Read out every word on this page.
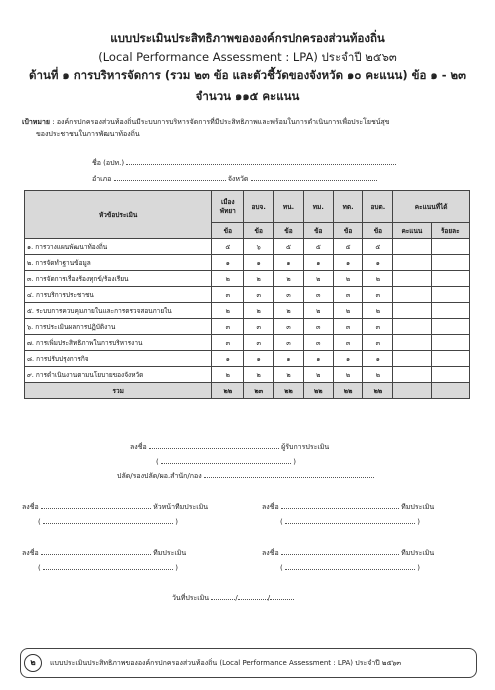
แบบประเมินประสิทธิภาพขององค์กรปกครองส่วนท้องถิ่น
(Local Performance Assessment : LPA) ประจำปี ๒๕๖๓
ด้านที่ ๑ การบริหารจัดการ (รวม ๒๓ ข้อ และตัวชี้วัดของจังหวัด ๑๐ คะแนน) ข้อ ๑ - ๒๓
จำนวน ๑๑๕ คะแนน
เป้าหมาย : องค์กรปกครองส่วนท้องถิ่นมีระบบการบริหารจัดการที่มีประสิทธิภาพและพร้อมในการดำเนินการเพื่อประโยชน์สุข
ของประชาชนในการพัฒนาท้องถิ่น
ชื่อ (อปท.)
อำเภอ	จังหวัด
หัวข้อประเมิน	เมืองพัทยา	อบจ.	ทน.	ทม.	ทต.	อบต.	คะแนนที่ได้	
	ข้อ	ข้อ	ข้อ	ข้อ	ข้อ	ข้อ	คะแนน	ร้อยละ
๑. การวางแผนพัฒนาท้องถิ่น	๕	๖	๕	๕	๕	๕		
๒. การจัดทำฐานข้อมูล	๑	๑	๑	๑	๑	๑		
๓. การจัดการเรื่องร้องทุกข์/ร้องเรียน	๒	๒	๒	๒	๒	๒		
๔. การบริการประชาชน	๓	๓	๓	๓	๓	๓		
๕. ระบบการควบคุมภายในและการตรวจสอบภายใน	๒	๒	๒	๒	๒	๒		
๖. การประเมินผลการปฏิบัติงาน	๓	๓	๓	๓	๓	๓		
๗. การเพิ่มประสิทธิภาพในการบริหารงาน	๓	๓	๓	๓	๓	๓		
๘. การปรับปรุงการกิจ	๑	๑	๑	๑	๑	๑		
๙. การดำเนินงานตามนโยบายของจังหวัด	๒	๒	๒	๒	๒	๒		
รวม	๒๒	๒๓	๒๒	๒๒	๒๒	๒๒		
ลงชื่อ	ผู้รับการประเมิน
(	)
ปลัด/รองปลัด/ผอ.สำนัก/กอง
ลงชื่อ	หัวหน้าทีมประเมิน
(	)
ลงชื่อ	ทีมประเมิน
(	)
ลงชื่อ	ทีมประเมิน
(	)
ลงชื่อ	ทีมประเมิน
(	)
วันที่ประเมิน	/	/
๒	แบบประเมินประสิทธิภาพขององค์กรปกครองส่วนท้องถิ่น (Local Performance Assessment : LPA) ประจำปี ๒๕๖๓
